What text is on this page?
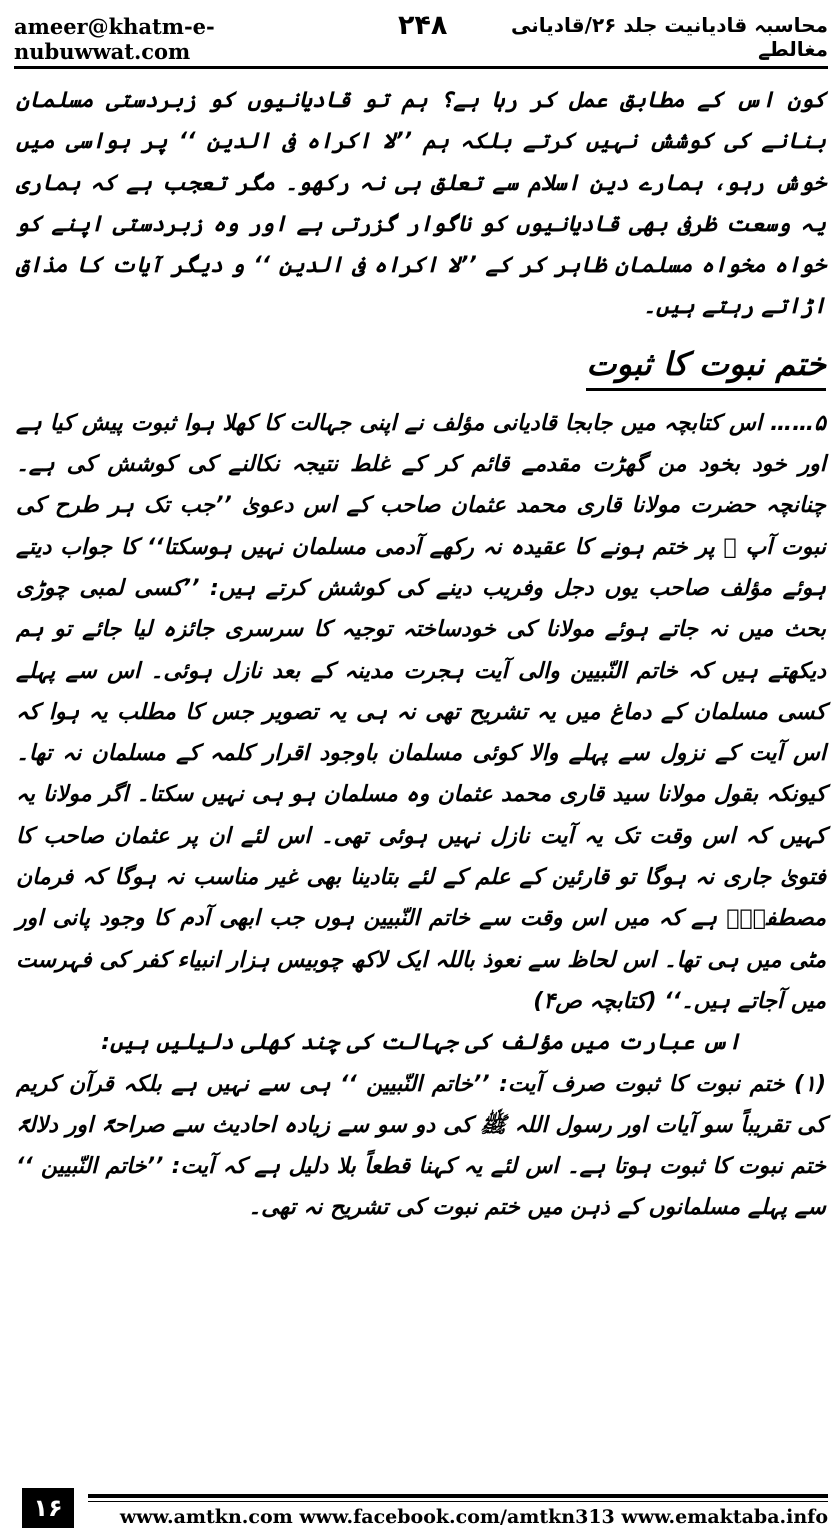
ameer@khatm-e-nubuwwat.com
۲۴۸	محاسبہ قادیانیت جلد ۲۶/قادیانی مغالطے

کون اس کے مطابق عمل کر رہا ہے؟ ہم تو قادیانیوں کو زبردستی مسلمان بنانے کی کوشش نہیں کرتے بلکہ ہم ’’لا اکراہ فی الدین ‘‘ پر ہواسی میں خوش رہو، ہمارے دین اسلام سے تعلق ہی نہ رکھو۔ مگر تعجب ہے کہ ہماری یہ وسعت ظرفی بھی قادیانیوں کو ناگوار گزرتی ہے اور وہ زبردستی اپنے کو خواہ مخواہ مسلمان ظاہر کر کے ’’لا اکراہ فی الدین ‘‘ و دیگر آیات کا مذاق اڑاتے رہتے ہیں۔

ختم نبوت کا ثبوت

۵…… اس کتابچہ میں جابجا قادیانی مؤلف نے اپنی جہالت کا کھلا ہوا ثبوت پیش کیا ہے اور خود بخود من گھڑت مقدمے قائم کر کے غلط نتیجہ نکالنے کی کوشش کی ہے۔ چنانچہ حضرت مولانا قاری محمد عثمان صاحب کے اس دعویٰ ’’جب تک ہر طرح کی نبوت آپ ﷺ پر ختم ہونے کا عقیدہ نہ رکھے آدمی مسلمان نہیں ہوسکتا‘‘ کا جواب دیتے ہوئے مؤلف صاحب یوں دجل وفریب دینے کی کوشش کرتے ہیں: ’’کسی لمبی چوڑی بحث میں نہ جاتے ہوئے مولانا کی خودساختہ توجیہ کا سرسری جائزہ لیا جائے تو ہم دیکھتے ہیں کہ خاتم النّبیین والی آیت ہجرت مدینہ کے بعد نازل ہوئی۔ اس سے پہلے کسی مسلمان کے دماغ میں یہ تشریح تھی نہ ہی یہ تصویر جس کا مطلب یہ ہوا کہ اس آیت کے نزول سے پہلے والا کوئی مسلمان باوجود اقرار کلمہ کے مسلمان نہ تھا۔ کیونکہ بقول مولانا سید قاری محمد عثمان وہ مسلمان ہو ہی نہیں سکتا۔ اگر مولانا یہ کہیں کہ اس وقت تک یہ آیت نازل نہیں ہوئی تھی۔ اس لئے ان پر عثمان صاحب کا فتویٰ جاری نہ ہوگا تو قارئین کے علم کے لئے بتادینا بھی غیر مناسب نہ ہوگا کہ فرمان مصطفیٰؐ ہے کہ میں اس وقت سے خاتم النّبیین ہوں جب ابھی آدم کا وجود پانی اور مٹی میں ہی تھا۔ اس لحاظ سے نعوذ باللہ ایک لاکھ چوبیس ہزار انبیاء کفر کی فہرست میں آجاتے ہیں۔‘‘ (کتابچہ ص۴)

اس عبارت میں مؤلف کی جہالت کی چند کھلی دلیلیں ہیں:

(۱) ختم نبوت کا ثبوت صرف آیت: ’’خاتم النّبیین ‘‘ ہی سے نہیں ہے بلکہ قرآن کریم کی تقریباً سو آیات اور رسول اللہ ﷺ کی دو سو سے زیادہ احادیث سے صراحۃً اور دلالۃً ختم نبوت کا ثبوت ہوتا ہے۔ اس لئے یہ کہنا قطعاً بلا دلیل ہے کہ آیت: ’’خاتم النّبیین ‘‘ سے پہلے مسلمانوں کے ذہن میں ختم نبوت کی تشریح نہ تھی۔

۱۶	www.amtkn.com www.facebook.com/amtkn313 www.emaktaba.info
